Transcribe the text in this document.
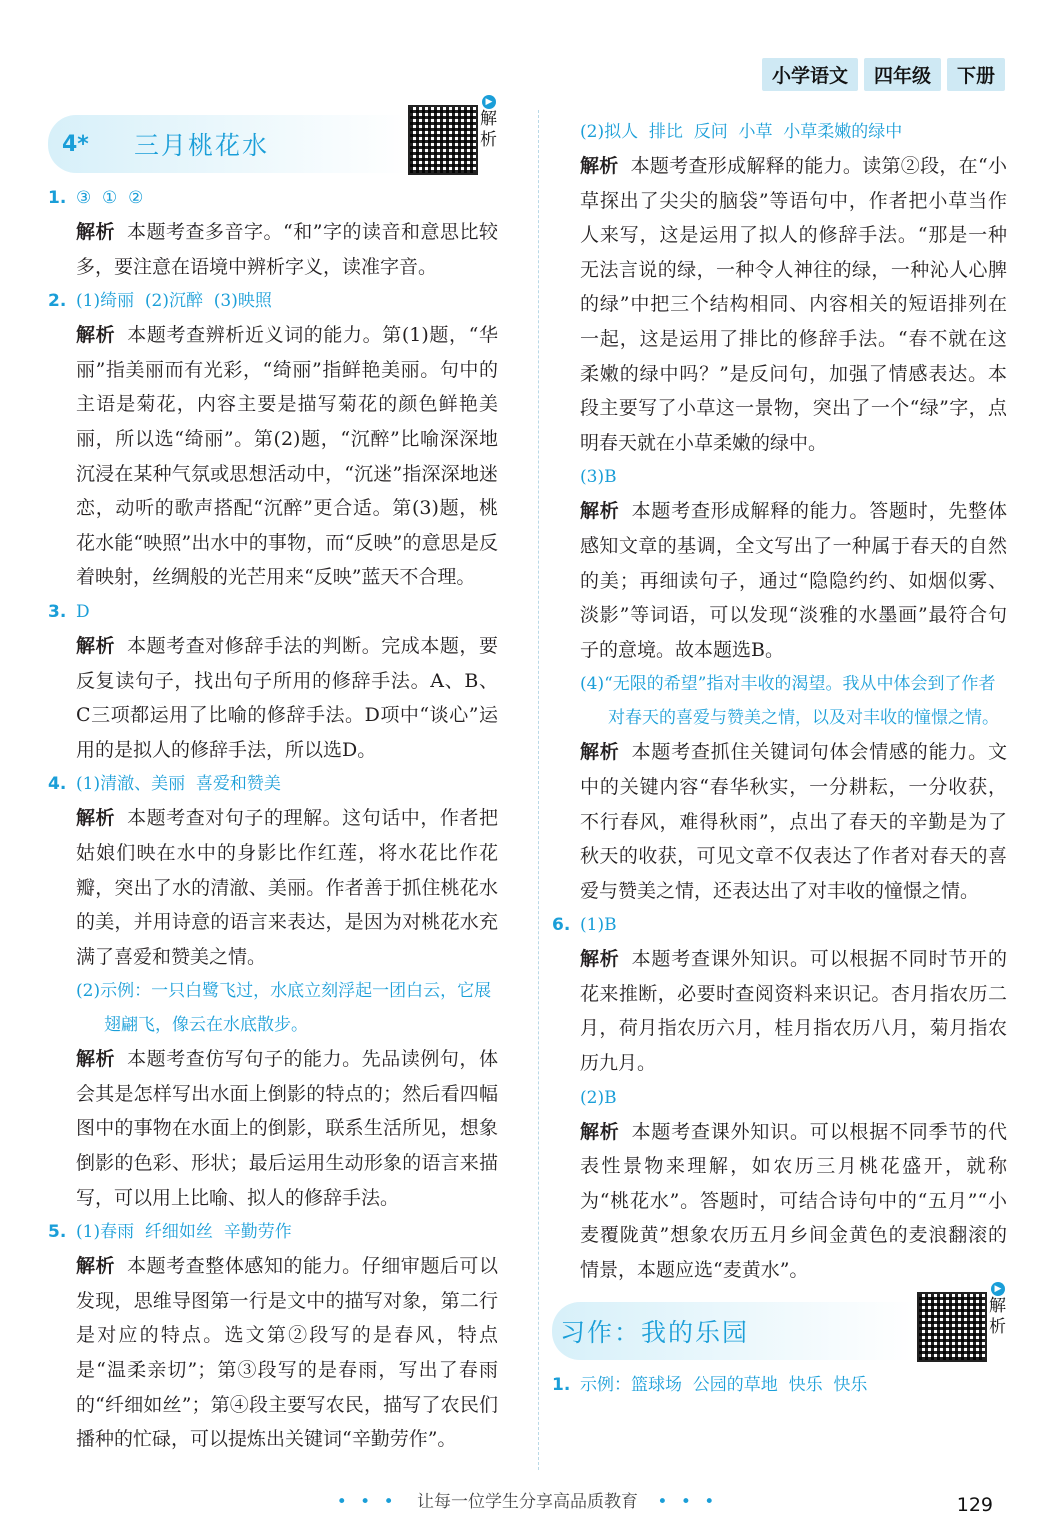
小学语文	四年级	下册
4*	三月桃花水
▶
解析
1. ③  ①  ②
解析 本题考查多音字。“和”字的读音和意思比较多，要注意在语境中辨析字义，读准字音。
2. (1)绮丽  (2)沉醉  (3)映照
解析 本题考查辨析近义词的能力。第(1)题，“华丽”指美丽而有光彩，“绮丽”指鲜艳美丽。句中的主语是菊花，内容主要是描写菊花的颜色鲜艳美丽，所以选“绮丽”。第(2)题，“沉醉”比喻深深地沉浸在某种气氛或思想活动中，“沉迷”指深深地迷恋，动听的歌声搭配“沉醉”更合适。第(3)题，桃花水能“映照”出水中的事物，而“反映”的意思是反着映射，丝绸般的光芒用来“反映”蓝天不合理。
3. D
解析 本题考查对修辞手法的判断。完成本题，要反复读句子，找出句子所用的修辞手法。A、B、C三项都运用了比喻的修辞手法。D项中“谈心”运用的是拟人的修辞手法，所以选D。
4. (1)清澈、美丽  喜爱和赞美
解析 本题考查对句子的理解。这句话中，作者把姑娘们映在水中的身影比作红莲，将水花比作花瓣，突出了水的清澈、美丽。作者善于抓住桃花水的美，并用诗意的语言来表达，是因为对桃花水充满了喜爱和赞美之情。
(2)示例：一只白鹭飞过，水底立刻浮起一团白云，它展翅翩飞，像云在水底散步。
解析 本题考查仿写句子的能力。先品读例句，体会其是怎样写出水面上倒影的特点的；然后看四幅图中的事物在水面上的倒影，联系生活所见，想象倒影的色彩、形状；最后运用生动形象的语言来描写，可以用上比喻、拟人的修辞手法。
5. (1)春雨  纤细如丝  辛勤劳作
解析 本题考查整体感知的能力。仔细审题后可以发现，思维导图第一行是文中的描写对象，第二行是对应的特点。选文第②段写的是春风，特点是“温柔亲切”；第③段写的是春雨，写出了春雨的“纤细如丝”；第④段主要写农民，描写了农民们播种的忙碌，可以提炼出关键词“辛勤劳作”。
(2)拟人  排比  反问  小草  小草柔嫩的绿中
解析 本题考查形成解释的能力。读第②段，在“小草探出了尖尖的脑袋”等语句中，作者把小草当作人来写，这是运用了拟人的修辞手法。“那是一种无法言说的绿，一种令人神往的绿，一种沁人心脾的绿”中把三个结构相同、内容相关的短语排列在一起，这是运用了排比的修辞手法。“春不就在这柔嫩的绿中吗？”是反问句，加强了情感表达。本段主要写了小草这一景物，突出了一个“绿”字，点明春天就在小草柔嫩的绿中。
(3)B
解析 本题考查形成解释的能力。答题时，先整体感知文章的基调，全文写出了一种属于春天的自然的美；再细读句子，通过“隐隐约约、如烟似雾、淡影”等词语，可以发现“淡雅的水墨画”最符合句子的意境。故本题选B。
(4)“无限的希望”指对丰收的渴望。我从中体会到了作者对春天的喜爱与赞美之情，以及对丰收的憧憬之情。
解析 本题考查抓住关键词句体会情感的能力。文中的关键内容“春华秋实，一分耕耘，一分收获，不行春风，难得秋雨”，点出了春天的辛勤是为了秋天的收获，可见文章不仅表达了作者对春天的喜爱与赞美之情，还表达出了对丰收的憧憬之情。
6. (1)B
解析 本题考查课外知识。可以根据不同时节开的花来推断，必要时查阅资料来识记。杏月指农历二月，荷月指农历六月，桂月指农历八月，菊月指农历九月。
(2)B
解析 本题考查课外知识。可以根据不同季节的代表性景物来理解，如农历三月桃花盛开，就称为“桃花水”。答题时，可结合诗句中的“五月”“小麦覆陇黄”想象农历五月乡间金黄色的麦浪翻滚的情景，本题应选“麦黄水”。
习作：我的乐园
▶
解析
1. 示例：篮球场  公园的草地  快乐  快乐
• • • 让每一位学生分享高品质教育 • • •	129
